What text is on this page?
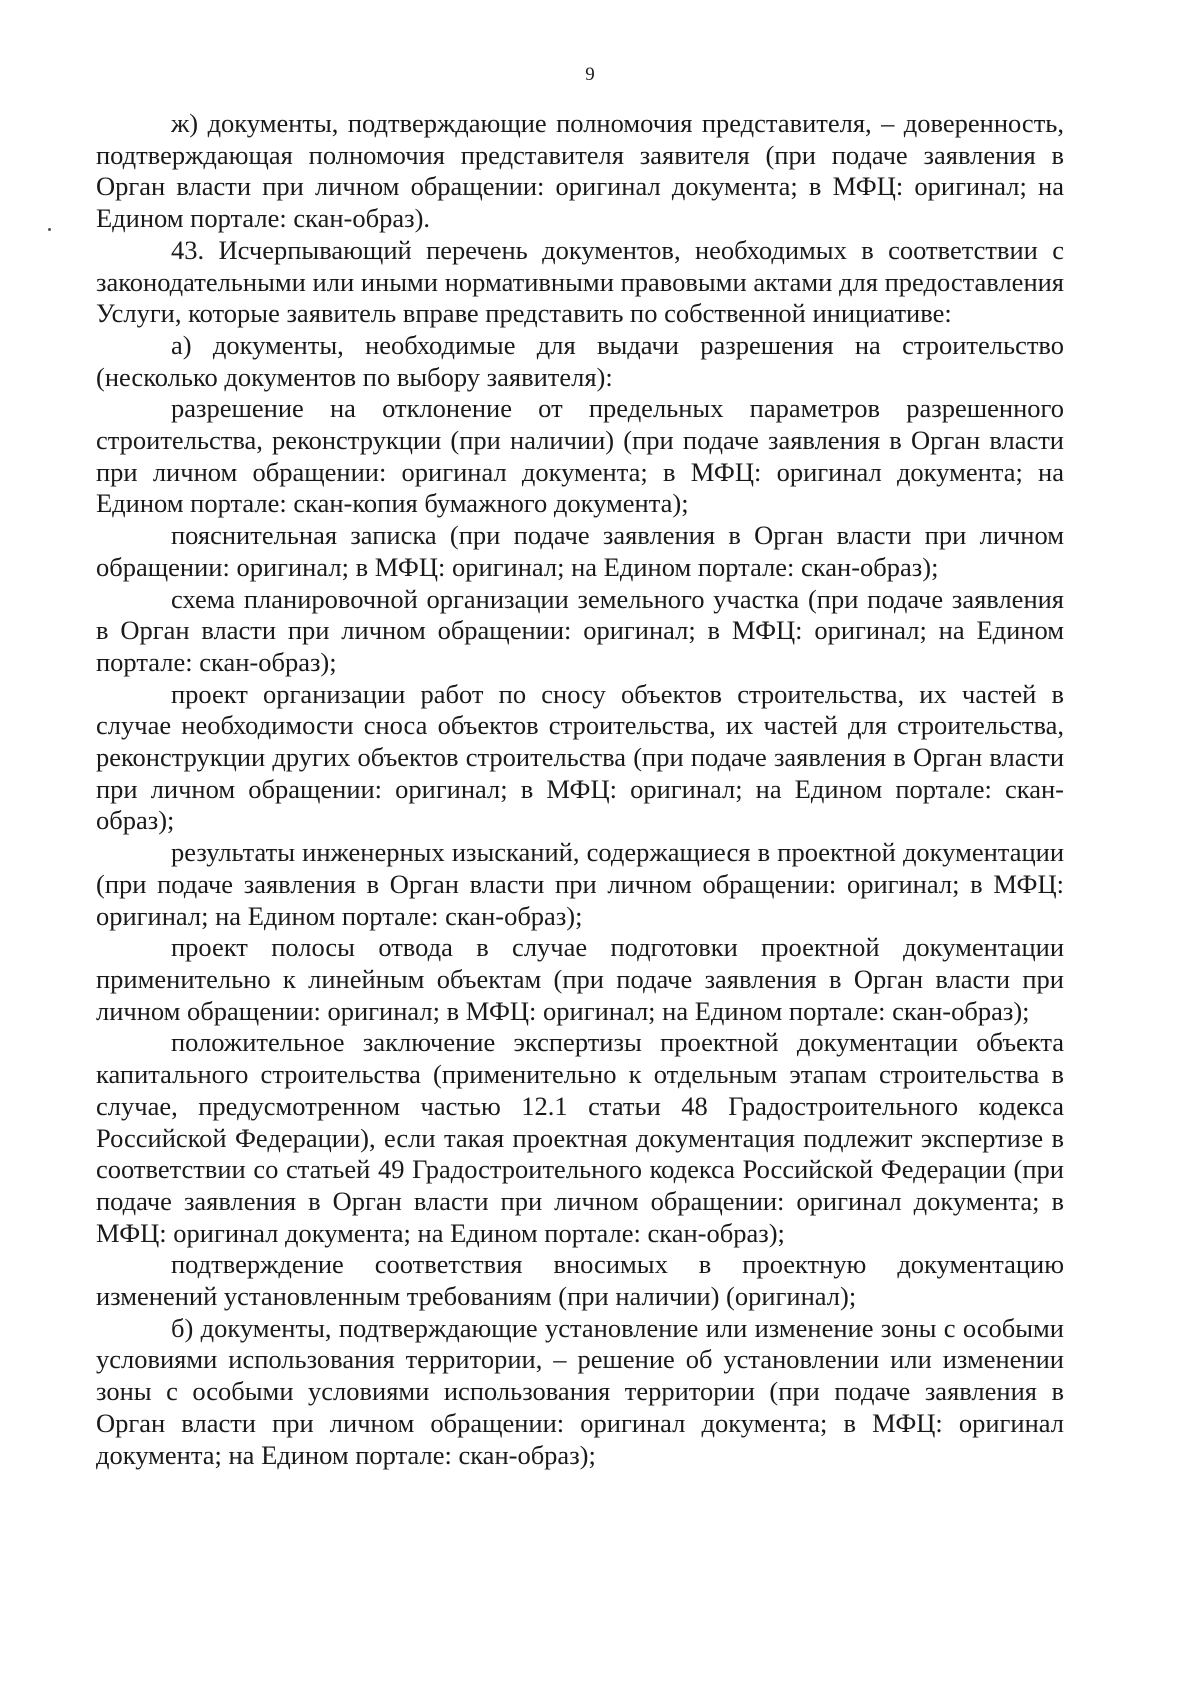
9

ж) документы, подтверждающие полномочия представителя, – доверенность, подтверждающая полномочия представителя заявителя (при подаче заявления в Орган власти при личном обращении: оригинал документа; в МФЦ: оригинал; на Едином портале: скан-образ).

43. Исчерпывающий перечень документов, необходимых в соответствии с законодательными или иными нормативными правовыми актами для предоставления Услуги, которые заявитель вправе представить по собственной инициативе:

а) документы, необходимые для выдачи разрешения на строительство (несколько документов по выбору заявителя):

разрешение на отклонение от предельных параметров разрешенного строительства, реконструкции (при наличии) (при подаче заявления в Орган власти при личном обращении: оригинал документа; в МФЦ: оригинал документа; на Едином портале: скан-копия бумажного документа);

пояснительная записка (при подаче заявления в Орган власти при личном обращении: оригинал; в МФЦ: оригинал; на Едином портале: скан-образ);

схема планировочной организации земельного участка (при подаче заявления в Орган власти при личном обращении: оригинал; в МФЦ: оригинал; на Едином портале: скан-образ);

проект организации работ по сносу объектов строительства, их частей в случае необходимости сноса объектов строительства, их частей для строительства, реконструкции других объектов строительства (при подаче заявления в Орган власти при личном обращении: оригинал; в МФЦ: оригинал; на Едином портале: скан-образ);

результаты инженерных изысканий, содержащиеся в проектной документации (при подаче заявления в Орган власти при личном обращении: оригинал; в МФЦ: оригинал; на Едином портале: скан-образ);

проект полосы отвода в случае подготовки проектной документации применительно к линейным объектам (при подаче заявления в Орган власти при личном обращении: оригинал; в МФЦ: оригинал; на Едином портале: скан-образ);

положительное заключение экспертизы проектной документации объекта капитального строительства (применительно к отдельным этапам строительства в случае, предусмотренном частью 12.1 статьи 48 Градостроительного кодекса Российской Федерации), если такая проектная документация подлежит экспертизе в соответствии со статьей 49 Градостроительного кодекса Российской Федерации (при подаче заявления в Орган власти при личном обращении: оригинал документа; в МФЦ: оригинал документа; на Едином портале: скан-образ);

подтверждение соответствия вносимых в проектную документацию изменений установленным требованиям (при наличии) (оригинал);

б) документы, подтверждающие установление или изменение зоны с особыми условиями использования территории, – решение об установлении или изменении зоны с особыми условиями использования территории (при подаче заявления в Орган власти при личном обращении: оригинал документа; в МФЦ: оригинал документа; на Едином портале: скан-образ);
